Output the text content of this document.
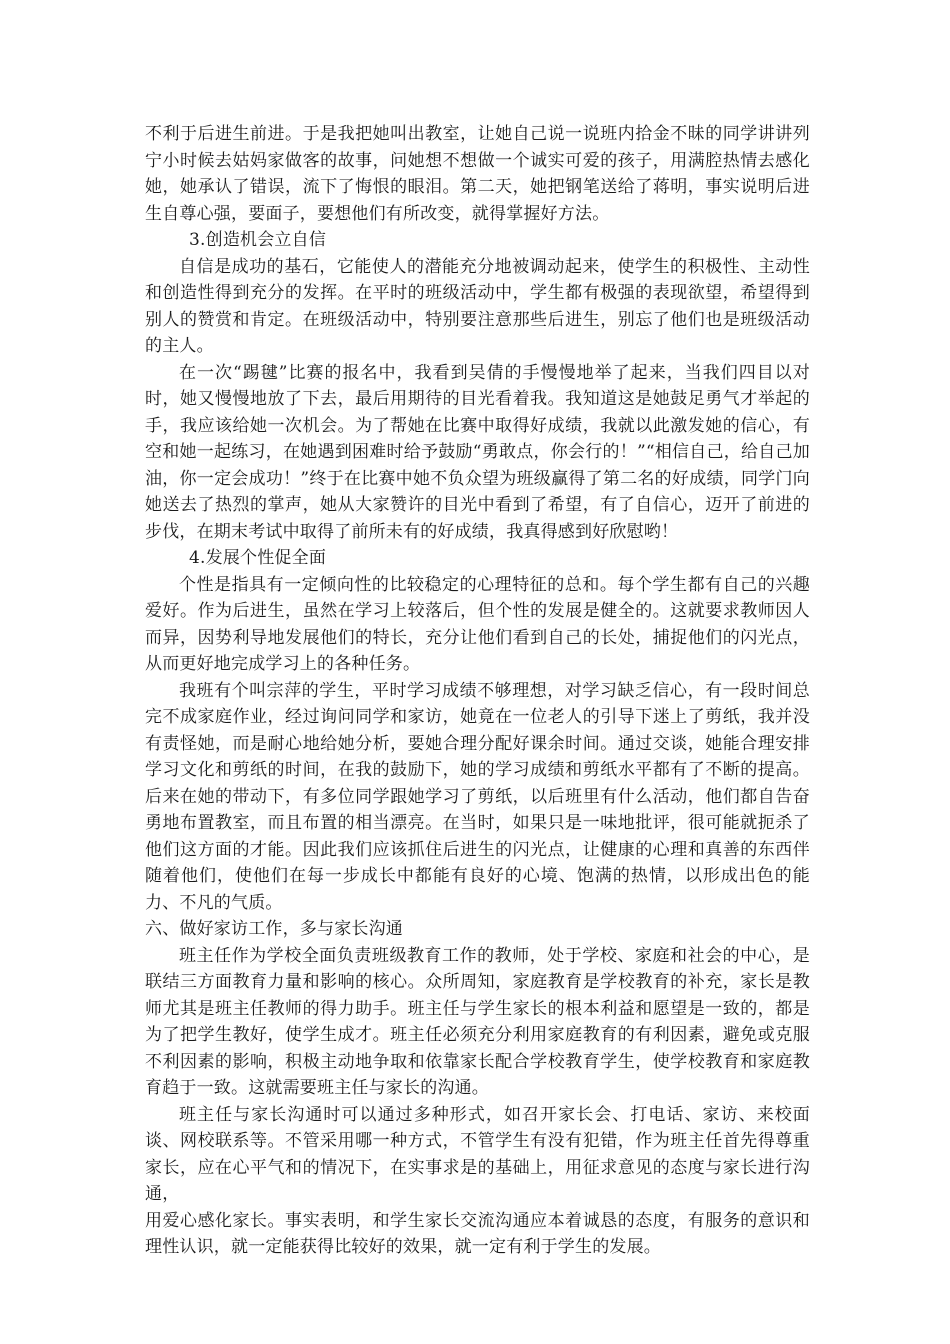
不利于后进生前进。于是我把她叫出教室，让她自己说一说班内拾金不昧的同学讲讲列宁小时候去姑妈家做客的故事，问她想不想做一个诚实可爱的孩子，用满腔热情去感化她，她承认了错误，流下了悔恨的眼泪。第二天，她把钢笔送给了蒋明，事实说明后进生自尊心强，要面子，要想他们有所改变，就得掌握好方法。

3.创造机会立自信

自信是成功的基石，它能使人的潜能充分地被调动起来，使学生的积极性、主动性和创造性得到充分的发挥。在平时的班级活动中，学生都有极强的表现欲望，希望得到别人的赞赏和肯定。在班级活动中，特别要注意那些后进生，别忘了他们也是班级活动的主人。

在一次“踢毽”比赛的报名中，我看到吴倩的手慢慢地举了起来，当我们四目以对时，她又慢慢地放了下去，最后用期待的目光看着我。我知道这是她鼓足勇气才举起的手，我应该给她一次机会。为了帮她在比赛中取得好成绩，我就以此激发她的信心，有空和她一起练习，在她遇到困难时给予鼓励“勇敢点，你会行的！”“相信自己，给自己加油，你一定会成功！”终于在比赛中她不负众望为班级赢得了第二名的好成绩，同学门向她送去了热烈的掌声，她从大家赞许的目光中看到了希望，有了自信心，迈开了前进的步伐，在期末考试中取得了前所未有的好成绩，我真得感到好欣慰哟！

4.发展个性促全面

个性是指具有一定倾向性的比较稳定的心理特征的总和。每个学生都有自己的兴趣爱好。作为后进生，虽然在学习上较落后，但个性的发展是健全的。这就要求教师因人而异，因势利导地发展他们的特长，充分让他们看到自己的长处，捕捉他们的闪光点，从而更好地完成学习上的各种任务。

我班有个叫宗萍的学生，平时学习成绩不够理想，对学习缺乏信心，有一段时间总完不成家庭作业，经过询问同学和家访，她竟在一位老人的引导下迷上了剪纸，我并没有责怪她，而是耐心地给她分析，要她合理分配好课余时间。通过交谈，她能合理安排学习文化和剪纸的时间，在我的鼓励下，她的学习成绩和剪纸水平都有了不断的提高。后来在她的带动下，有多位同学跟她学习了剪纸，以后班里有什么活动，他们都自告奋勇地布置教室，而且布置的相当漂亮。在当时，如果只是一味地批评，很可能就扼杀了他们这方面的才能。因此我们应该抓住后进生的闪光点，让健康的心理和真善的东西伴随着他们，使他们在每一步成长中都能有良好的心境、饱满的热情，以形成出色的能力、不凡的气质。

六、做好家访工作，多与家长沟通

班主任作为学校全面负责班级教育工作的教师，处于学校、家庭和社会的中心，是联结三方面教育力量和影响的核心。众所周知，家庭教育是学校教育的补充，家长是教师尤其是班主任教师的得力助手。班主任与学生家长的根本利益和愿望是一致的，都是为了把学生教好，使学生成才。班主任必须充分利用家庭教育的有利因素，避免或克服不利因素的影响，积极主动地争取和依靠家长配合学校教育学生，使学校教育和家庭教育趋于一致。这就需要班主任与家长的沟通。

班主任与家长沟通时可以通过多种形式，如召开家长会、打电话、家访、来校面谈、网校联系等。不管采用哪一种方式，不管学生有没有犯错，作为班主任首先得尊重家长，应在心平气和的情况下，在实事求是的基础上，用征求意见的态度与家长进行沟通，

用爱心感化家长。事实表明，和学生家长交流沟通应本着诚恳的态度，有服务的意识和理性认识，就一定能获得比较好的效果，就一定有利于学生的发展。
